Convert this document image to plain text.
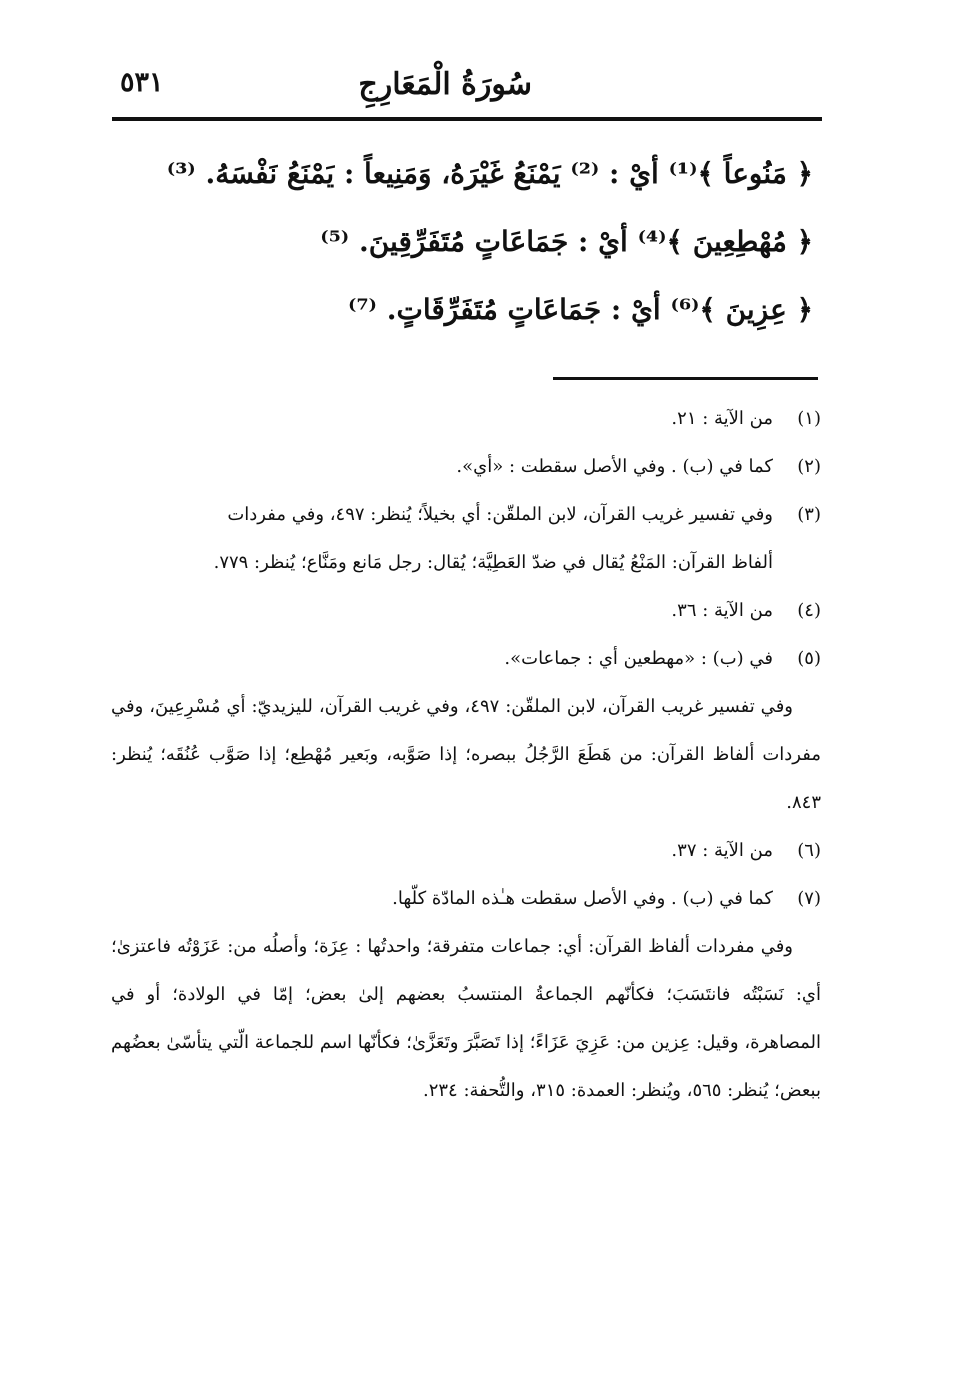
سُورَةُ الْمَعَارِجِ
٥٣١
﴿ مَنُوعاً ﴾⁽¹⁾ أيْ : ⁽²⁾ يَمْنَعُ غَيْرَهُ، وَمَنِيعاً : يَمْنَعُ نَفْسَهُ. ⁽³⁾
﴿ مُهْطِعِينَ ﴾⁽⁴⁾ أيْ : جَمَاعَاتٍ مُتَفَرِّقِينَ. ⁽⁵⁾
﴿ عِزِينَ ﴾⁽⁶⁾ أيْ : جَمَاعَاتٍ مُتَفَرِّقَاتٍ. ⁽⁷⁾
(١)من الآية : ٢١.
(٢)كما في (ب) . وفي الأصل سقطت : «أي».
(٣)وفي تفسير غريب القرآن، لابن الملقّن: أي بخيلاً؛ يُنظر: ٤٩٧، وفي مفردات
ألفاظ القرآن: المَنْعُ يُقال في ضدّ العَطِيَّة؛ يُقال: رجل مَانع ومَنَّاع؛ يُنظر: ٧٧٩.
(٤)من الآية : ٣٦.
(٥)في (ب) : «مهطعين أي : جماعات».
وفي تفسير غريب القرآن، لابن الملقّن: ٤٩٧، وفي غريب القرآن، لليزيديّ: أي مُسْرِعِينَ، وفي مفردات ألفاظ القرآن: من هَطَعَ الرَّجُلُ ببصره؛ إذا صَوَّبه، وبَعير مُهْطِع؛ إذا صَوَّب عُنُقَه؛ يُنظر: ٨٤٣.
(٦)من الآية : ٣٧.
(٧)كما في (ب) . وفي الأصل سقطت هـٰذه المادّة كلّها.
وفي مفردات ألفاظ القرآن: أي: جماعات متفرقة؛ واحدتُها : عِزَة؛ وأصلُه من: عَزَوْتُه فاعتزىٰ؛ أي: نَسَبْتُه فانتَسَبَ؛ فكأنّهم الجماعةُ المنتسبُ بعضهم إلىٰ بعض؛ إمّا في الولادة؛ أو في المصاهرة، وقيل: عِزين من: عَزِيَ عَزَاءً؛ إذا تَصَبَّرَ وتَعَزَّىٰ؛ فكأنّها اسم للجماعة الّتي يتأسّىٰ بعضُهم ببعض؛ يُنظر: ٥٦٥، ويُنظر: العمدة: ٣١٥، والتُّحفة: ٢٣٤.
